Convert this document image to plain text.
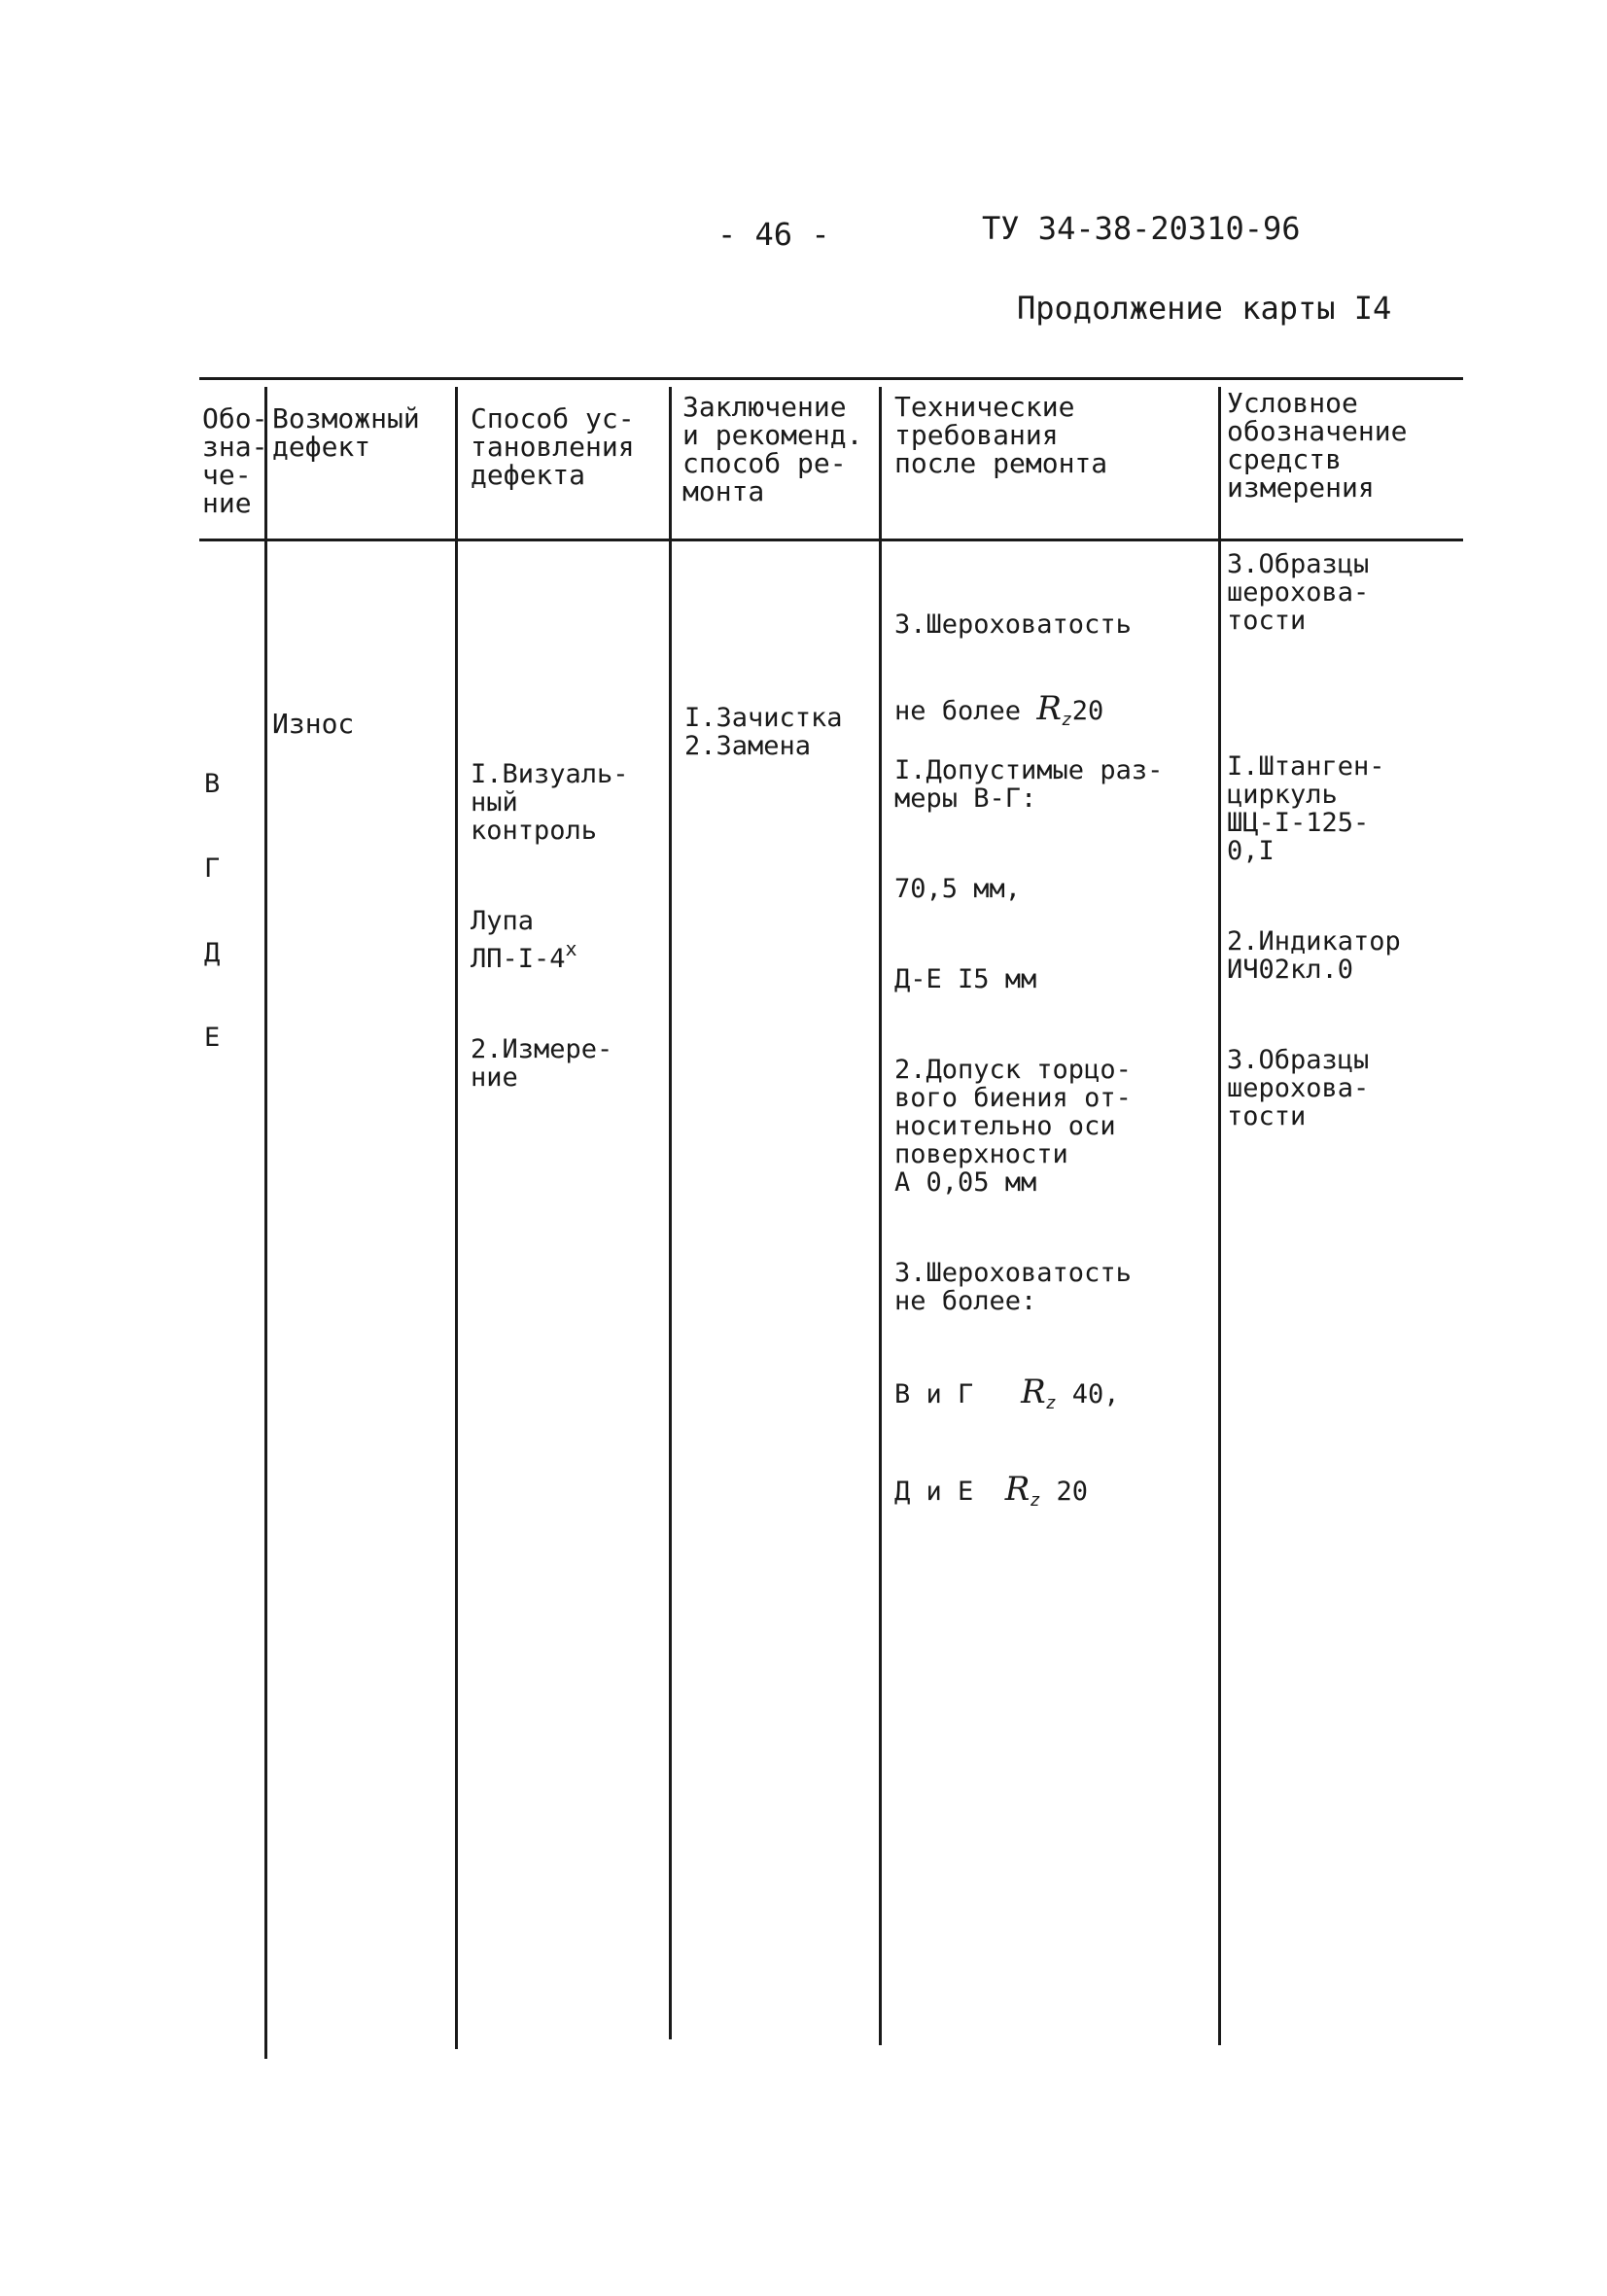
- 46 -	ТУ 34-38-20310-96
Продолжение карты I4
Обо-
зна-
че-
ние
Возможный
дефект
Способ ус-
тановления
дефекта
Заключение
и рекоменд.
способ ре-
монта
Технические
требования
после ремонта
Условное
обозначение
средств
измерения

3.Шероховатость

не более $R_z20$

3.Образцы
шерохова-
тости

В

Г

Д

Е

Износ

I.Визуаль-
ный
контроль

Лупа
ЛП-I-4$^x$

2.Измере-
ние

I.Зачистка
2.Замена

I.Допустимые раз-
меры В-Г:

70,5 мм,

Д-Е I5 мм

2.Допуск торцо-
вого биения от-
носительно оси
поверхности
А 0,05 мм

3.Шероховатость
не более:

В и Г $R_z$ 40,

Д и Е $R_z$ 20

I.Штанген-
циркуль
ШЦ-I-125-
0,I

2.Индикатор
ИЧ02кл.0

3.Образцы
шерохова-
тости
